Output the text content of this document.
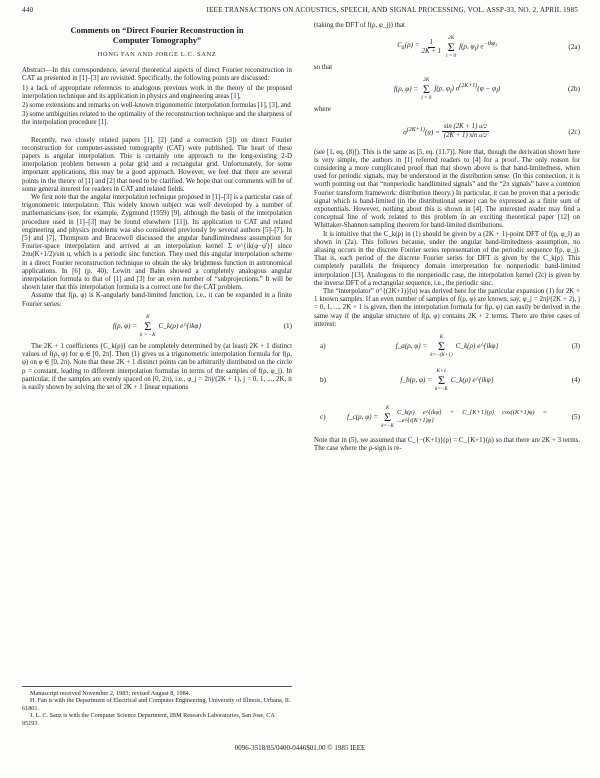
440	IEEE TRANSACTIONS ON ACOUSTICS, SPEECH, AND SIGNAL PROCESSING, VOL. ASSP-33, NO. 2, APRIL 1985
Comments on “Direct Fourier Reconstruction in
Computer Tomography”
HONG FAN AND JORGE L.C. SANZ

Abstract—In this correspondence, several theoretical aspects of direct Fourier reconstruction in CAT as presented in [1]–[3] are revisited. Specifically, the following points are discussed:

1) a lack of appropriate references to analogous previous work in the theory of the proposed interpolation technique and its application in physics and engineering areas [1],
2) some extensions and remarks on well-known trigonometric interpolation formulas [1], [3], and
3) some ambiguities related to the optimality of the reconstruction technique and the sharpness of the interpolation procedure [1].

Recently, two closely related papers [1], [2] (and a correction [3]) on direct Fourier reconstruction for computer-assisted tomography (CAT) were published. The heart of these papers is angular interpolation. This is certainly one approach to the long-existing 2-D interpolation problem between a polar grid and a rectangular grid. Unfortunately, for some important applications, this may be a good approach. However, we feel that there are several points in the theory of [1] and [2] that need to be clarified. We hope that our comments will be of some general interest for readers in CAT and related fields.

We first note that the angular interpolation technique proposed in [1]–[3] is a particular case of trigonometric interpolation. This widely known subject was well developed by a number of mathematicians (see, for example, Zygmund (1959) [9], although the basis of the interpolation procedure used in [1]–[3] may be found elsewhere [11]). Its application to CAT and related engineering and physics problems was also considered previously by several authors [5]–[7]. In [5] and [7], Thompson and Bracewell discussed the angular bandlimitedness assumption for Fourier-space interpolation and arrived at an interpolation kernel Σ e^{ik(φ−φ')} since 2πu(K+1/2)/sin u, which is a periodic sinc function. They used this angular interpolation scheme in a direct Fourier reconstruction technique to obtain the sky brightness function in astronomical applications. In [6] (p. 40), Lewitt and Bates showed a completely analogous angular interpolation formula to that of [1] and [3] for an even number of “subprojections.” It will be shown later that this interpolation formula is a correct one for the CAT problem.

Assume that f(ρ, φ) is K-angularly band-limited function, i.e., it can be expanded in a finite Fourier series:

f(ρ, φ) =
K
Σ
k = −K
C_k(ρ) e^{ikφ}	(1)

The 2K + 1 coefficients {C_k(ρ)} can be completely determined by (at least) 2K + 1 distinct values of f(ρ, φ) for φ ∈ [0, 2π]. Then (1) gives us a trigonometric interpolation formula for f(ρ, φ) on φ ∈ [0, 2π). Note that these 2K + 1 distinct points can be arbitrarily distributed on the circle ρ = constant, leading to different interpolation formulas in terms of the samples of f(ρ, φ_j). In particular, if the samples are evenly spaced on [0, 2π), i.e., φ_j = 2πj/(2K + 1), j = 0, 1, ..., 2K, it is easily shown by solving the set of 2K + 1 linear equations

Manuscript received November 2, 1983; revised August 8, 1984.

H. Fan is with the Department of Electrical and Computer Engineering, University of Illinois, Urbana, IL 61801.

J. L. C. Sanz is with the Computer Science Department, IBM Research Laboratories, San Jose, CA 95193.

(taking the DFT of f(ρ, φ_j)) that
$C_k(\rho) = \frac{1}{2K + 1}$
2K
Σ
l = 0
f(ρ, $\varphi_l$) $e^{-ik\varphi_l}$	(2a)
so that
f(ρ, φ) =
2K
Σ
l = 0
f(ρ, $\varphi_l$) $\sigma^{(2K+1)}(\varphi - \varphi_l)$	(2b)
where
$\sigma^{(2K+1)}(u) = \frac{\sin (2K + 1) u/2}{\text{(2K + 1) sin u/2}}$	(2c)

(see [1, eq. (8)]). This is the same as [5, eq. (11.7)]. Note that, though the derivation shown here is very simple, the authors in [1] referred readers to [4] for a proof. The only reason for considering a more complicated proof than that shown above is that band-limitedness, when used for periodic signals, may be understood in the distribution sense. (In this connection, it is worth pointing out that “nonperiodic bandlimited signals” and the “2π signals” have a common Fourier transform framework: distribution theory.) In particular, it can be proven that a periodic signal which is band-limited (in the distributional sense) can be expressed as a finite sum of exponentials. However, nothing about this is shown in [4]. The interested reader may find a conceptual line of work related to this problem in an exciting theoretical paper [12] on Whittaker-Shannon sampling theorem for band-limited distributions.

It is intuitive that the C_k(ρ) in (1) should be given by a (2K + 1)-point DFT of f(ρ, φ_l) as shown in (2a). This follows because, under the angular band-limitedness assumption, no aliasing occurs in the discrete Fourier series representation of the periodic sequence f(ρ, φ_j). That is, each period of the discrete Fourier series for DFT is given by the C_k(ρ). This completely parallels the frequency domain interpretation for nonperiodic band-limited interpolation [13]. Analogous to the nonperiodic case, the interpolation kernel (2c) is given by the inverse DFT of a rectangular sequence, i.e., the periodic sinc.

The “interpolator” σ^{(2K+1)}(u) was derived here for the particular expansion (1) for 2K + 1 known samples. If an even number of samples of f(ρ, φ) are known, say, φ_j = 2πj/(2K + 2), j = 0, 1, ..., 2K + 1 is given, then the interpolation formula for f(ρ, φ) can easily be derived in the same way if the angular structure of f(ρ, φ) contains 2K + 2 terms. There are three cases of interest:

a)	f_a(ρ, φ) =
K
Σ
k=−(K+1)
C_k(ρ) e^{ikφ}	(3)
b)	f_b(ρ, φ) =
K+1
Σ
k=−K
C_k(ρ) e^{ikφ}	(4)
c)	f_c(ρ, φ) =
K
Σ
k=−K
C_k(ρ) e^{ikφ} + C_{K+1}(ρ) cos((K+1)φ) = ...e^{i(K+1)φ}	(5)

Note that in (5), we assumed that C_{−(K+1)}(ρ) = C_{K+1}(ρ) so that there are 2K + 3 terms. The case where the ρ-sign is re-

0096-3518/85/0400-0446$01.00 © 1985 IEEE
